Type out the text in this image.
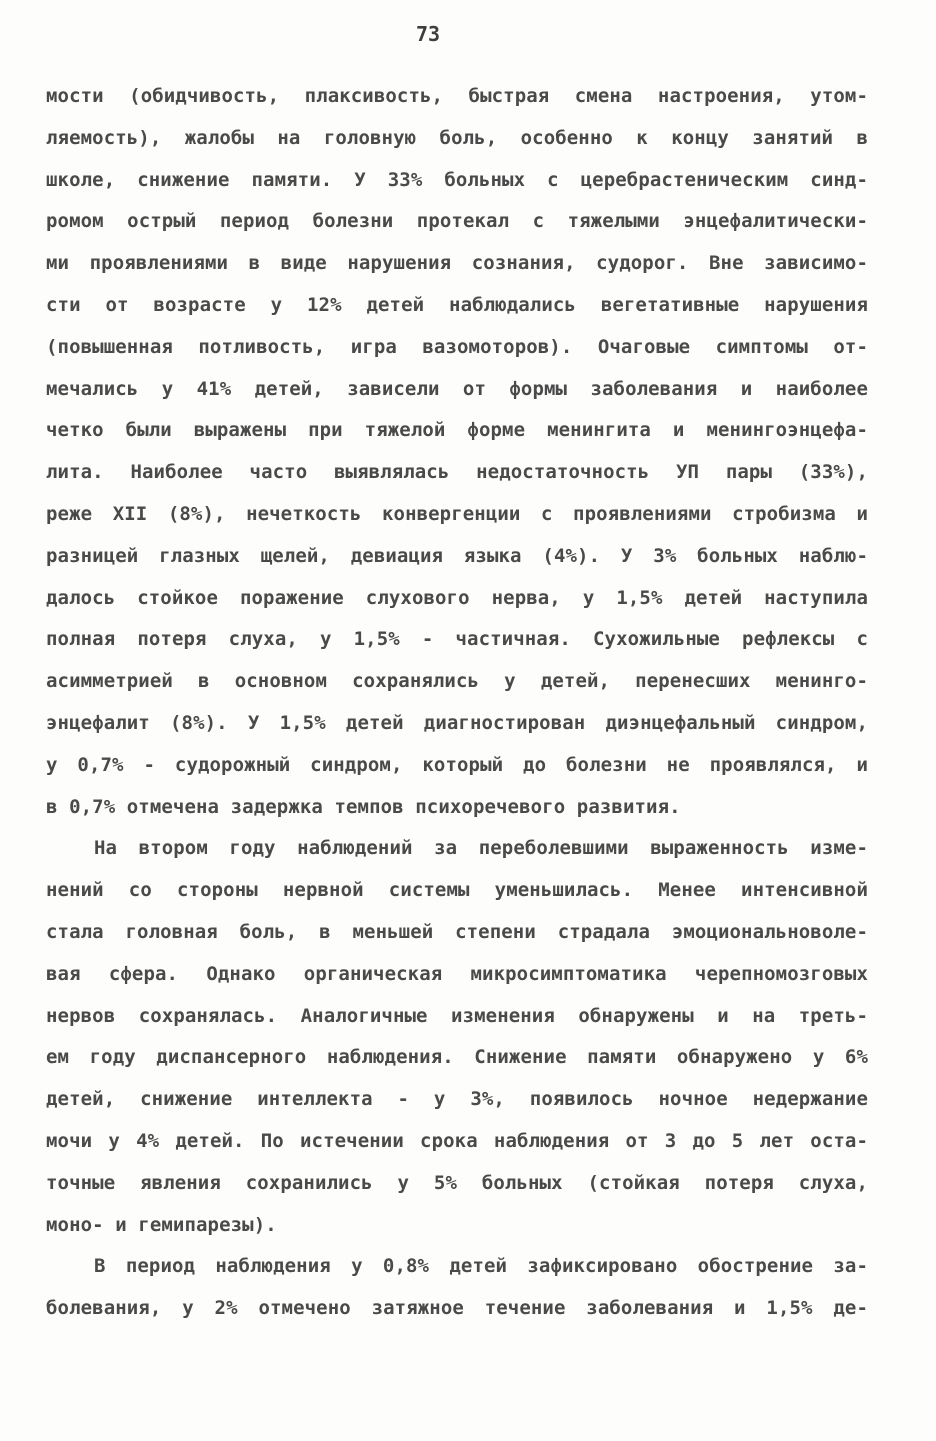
73
мости (обидчивость, плаксивость, быстрая смена настроения, утом-
ляемость), жалобы на головную боль, особенно к концу занятий в
школе, снижение памяти. У 33% больных с церебрастеническим синд-
ромом острый период болезни протекал с тяжелыми энцефалитически-
ми проявлениями в виде нарушения сознания, судорог. Вне зависимо-
сти от возрасте у 12% детей наблюдались вегетативные нарушения
(повышенная потливость, игра вазомоторов). Очаговые симптомы от-
мечались у 41% детей, зависели от формы заболевания и наиболее
четко были выражены при тяжелой форме менингита и менингоэнцефа-
лита. Наиболее часто выявлялась недостаточность УП пары (33%),
реже XII (8%), нечеткость конвергенции с проявлениями стробизма и
разницей глазных щелей, девиация языка (4%). У 3% больных наблю-
далось стойкое поражение слухового нерва, у 1,5% детей наступила
полная потеря слуха, у 1,5% - частичная. Сухожильные рефлексы с
асимметрией в основном сохранялись у детей, перенесших менинго-
энцефалит (8%). У 1,5% детей диагностирован диэнцефальный синдром,
у 0,7% - судорожный синдром, который до болезни не проявлялся, и
в 0,7% отмечена задержка темпов психоречевого развития.
На втором году наблюдений за переболевшими выраженность изме-
нений со стороны нервной системы уменьшилась. Менее интенсивной
стала головная боль, в меньшей степени страдала эмоциональноволе-
вая сфера. Однако органическая микросимптоматика черепномозговых
нервов сохранялась. Аналогичные изменения обнаружены и на треть-
ем году диспансерного наблюдения. Снижение памяти обнаружено у 6%
детей, снижение интеллекта - у 3%, появилось ночное недержание
мочи у 4% детей. По истечении срока наблюдения от 3 до 5 лет оста-
точные явления сохранились у 5% больных (стойкая потеря слуха,
моно- и гемипарезы).
В период наблюдения у 0,8% детей зафиксировано обострение за-
болевания, у 2% отмечено затяжное течение заболевания и 1,5% де-
